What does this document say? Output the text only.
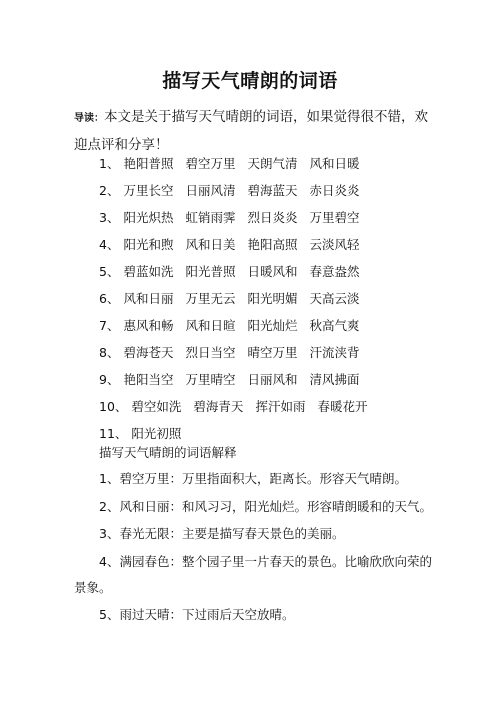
描写天气晴朗的词语
导读：本文是关于描写天气晴朗的词语，如果觉得很不错，欢迎点评和分享！
1、 艳阳普照 碧空万里 天朗气清 风和日暖
2、 万里长空 日丽风清 碧海蓝天 赤日炎炎
3、 阳光炽热 虹销雨霁 烈日炎炎 万里碧空
4、 阳光和煦 风和日美 艳阳高照 云淡风轻
5、 碧蓝如洗 阳光普照 日暖风和 春意盎然
6、 风和日丽 万里无云 阳光明媚 天高云淡
7、 惠风和畅 风和日暄 阳光灿烂 秋高气爽
8、 碧海苍天 烈日当空 晴空万里 汗流浃背
9、 艳阳当空 万里晴空 日丽风和 清风拂面
10、 碧空如洗 碧海青天 挥汗如雨 春暖花开
11、 阳光初照
描写天气晴朗的词语解释
1、碧空万里：万里指面积大，距离长。形容天气晴朗。
2、风和日丽：和风习习，阳光灿烂。形容晴朗暖和的天气。
3、春光无限：主要是描写春天景色的美丽。
4、满园春色：整个园子里一片春天的景色。比喻欣欣向荣的景象。
5、雨过天晴：下过雨后天空放晴。
